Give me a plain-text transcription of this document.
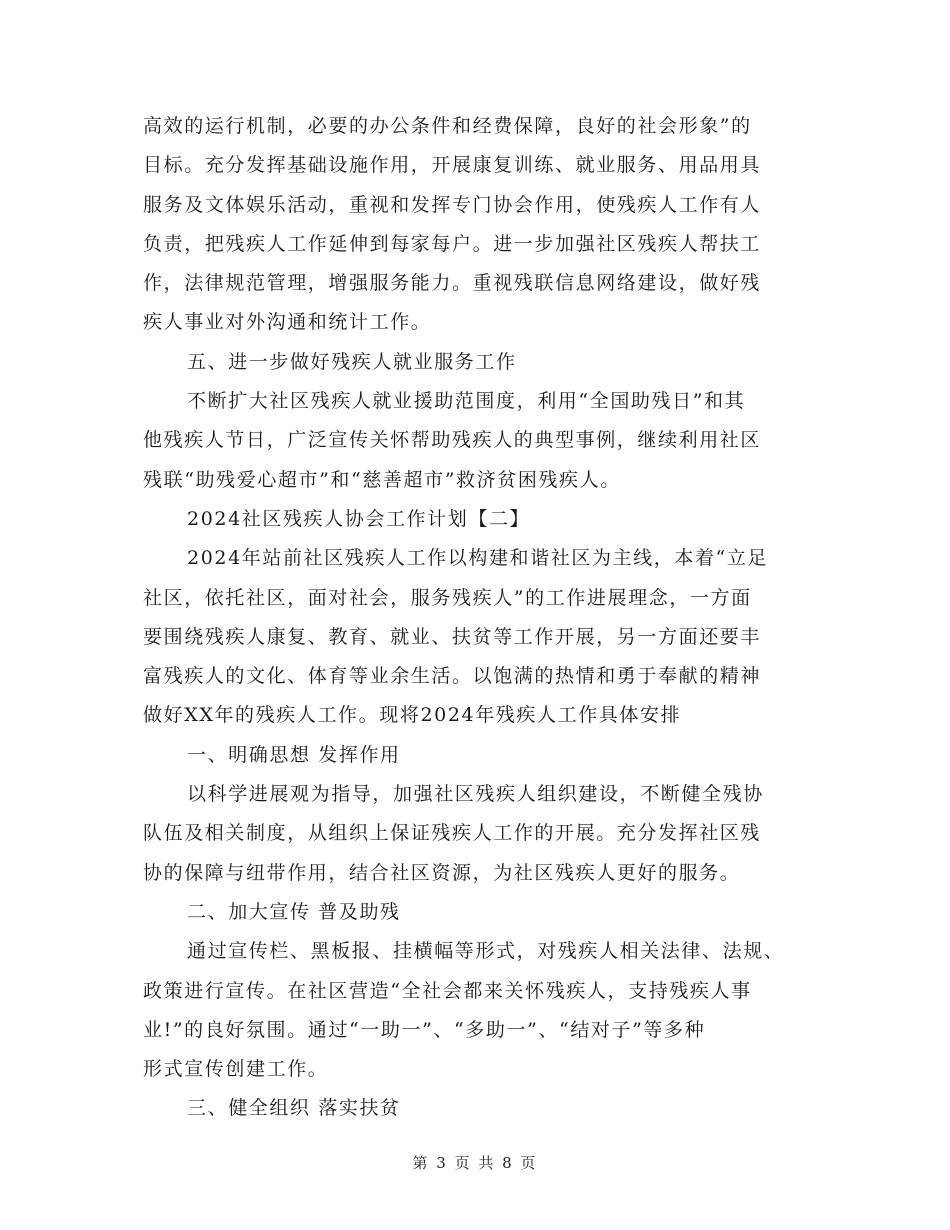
高效的运行机制，必要的办公条件和经费保障，良好的社会形象”的
目标。充分发挥基础设施作用，开展康复训练、就业服务、用品用具
服务及文体娱乐活动，重视和发挥专门协会作用，使残疾人工作有人
负责，把残疾人工作延伸到每家每户。进一步加强社区残疾人帮扶工
作，法律规范管理，增强服务能力。重视残联信息网络建设，做好残
疾人事业对外沟通和统计工作。
五、进一步做好残疾人就业服务工作
不断扩大社区残疾人就业援助范围度，利用“全国助残日”和其
他残疾人节日，广泛宣传关怀帮助残疾人的典型事例，继续利用社区
残联“助残爱心超市”和“慈善超市”救济贫困残疾人。
2024社区残疾人协会工作计划【二】
2024年站前社区残疾人工作以构建和谐社区为主线，本着“立足
社区，依托社区，面对社会，服务残疾人”的工作进展理念，一方面
要围绕残疾人康复、教育、就业、扶贫等工作开展，另一方面还要丰
富残疾人的文化、体育等业余生活。以饱满的热情和勇于奉献的精神
做好XX年的残疾人工作。现将2024年残疾人工作具体安排
一、明确思想 发挥作用
以科学进展观为指导，加强社区残疾人组织建设，不断健全残协
队伍及相关制度，从组织上保证残疾人工作的开展。充分发挥社区残
协的保障与纽带作用，结合社区资源，为社区残疾人更好的服务。
二、加大宣传 普及助残
通过宣传栏、黑板报、挂横幅等形式，对残疾人相关法律、法规、
政策进行宣传。在社区营造“全社会都来关怀残疾人，支持残疾人事
业!”的良好氛围。通过“一助一”、“多助一”、“结对子”等多种
形式宣传创建工作。
三、健全组织 落实扶贫
第 3 页 共 8 页
